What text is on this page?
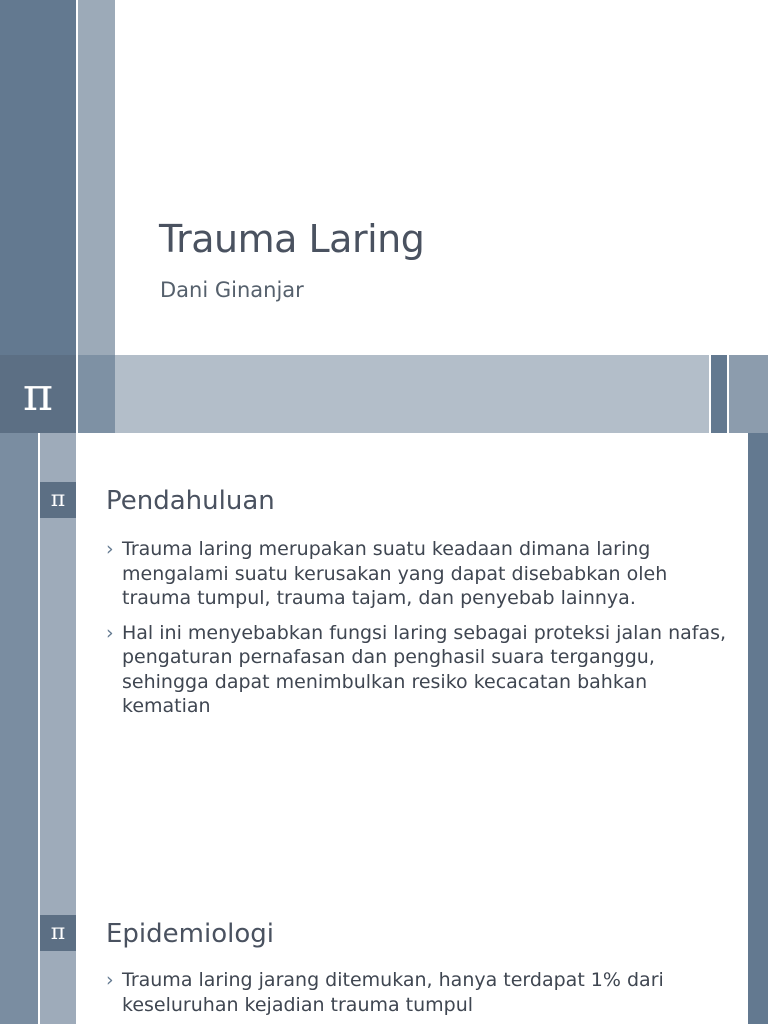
Trauma Laring
Dani Ginanjar
π
π	Pendahuluan
› Trauma laring merupakan suatu keadaan dimana laring mengalami suatu kerusakan yang dapat disebabkan oleh trauma tumpul, trauma tajam, dan penyebab lainnya.
› Hal ini menyebabkan fungsi laring sebagai proteksi jalan nafas, pengaturan pernafasan dan penghasil suara terganggu, sehingga dapat menimbulkan resiko kecacatan bahkan kematian
π	Epidemiologi
› Trauma laring jarang ditemukan, hanya terdapat 1% dari keseluruhan kejadian trauma tumpul
